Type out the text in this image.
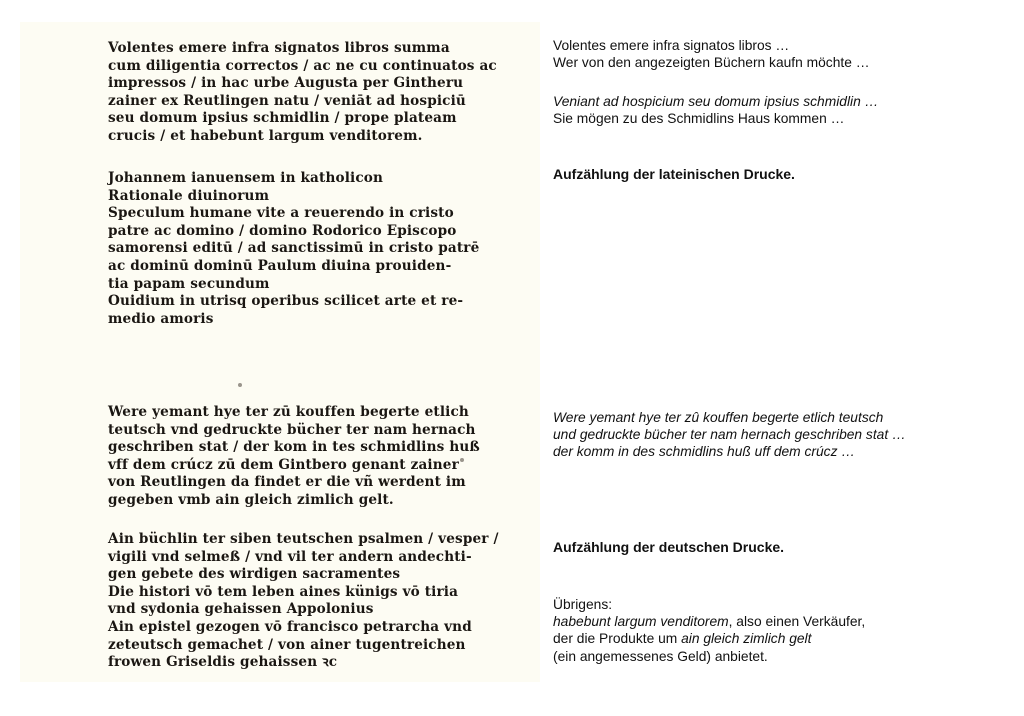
Volentes emere infra signatos libros summa
cum diligentia correctos / ac ne cu continuatos ac
impressos / in hac urbe Augusta per Gintheru
zainer ex Reutlingen natu / veniāt ad hospiciū
seu domum ipsius schmidlin / prope plateam
crucis / et habebunt largum venditorem.
Johannem ianuensem in katholicon
Rationale diuinorum
Speculum humane vite a reuerendo in cristo
patre ac domino / domino Rodorico Episcopo
samorensi editū / ad sanctissimū in cristo patrē
ac dominū dominū Paulum diuina prouiden-
tia papam secundum
Ouidium in utrisq operibus scilicet arte et re-
medio amoris
Were yemant hye ter zū kouffen begerte etlich
teutsch vnd gedruckte bücher ter nam hernach
geschriben stat / der kom in tes schmidlins huß
vff dem crúcz zū dem Gintbero genant zainer
von Reutlingen da findet er die vñ werdent im
gegeben vmb ain gleich zimlich gelt.
Ain büchlin ter siben teutschen psalmen / vesper /
vigili vnd selmeß / vnd vil ter andern andechti-
gen gebete des wirdigen sacramentes
Die histori vō tem leben aines künigs vō tiria
vnd sydonia gehaissen Appolonius
Ain epistel gezogen vō francisco petrarcha vnd
zeteutsch gemachet / von ainer tugentreichen
frowen Griseldis gehaissen ꝛc
Volentes emere infra signatos libros …
Wer von den angezeigten Büchern kaufn möchte …
Veniant ad hospicium seu domum ipsius schmidlin …
Sie mögen zu des Schmidlins Haus kommen …
Aufzählung der lateinischen Drucke.
Were yemant hye ter zû kouffen begerte etlich teutsch
und gedruckte bücher ter nam hernach geschriben stat …
der komm in des schmidlins huß uff dem crúcz …
Aufzählung der deutschen Drucke.
Übrigens:
habebunt largum venditorem, also einen Verkäufer,
der die Produkte um ain gleich zimlich gelt
(ein angemessenes Geld) anbietet.
